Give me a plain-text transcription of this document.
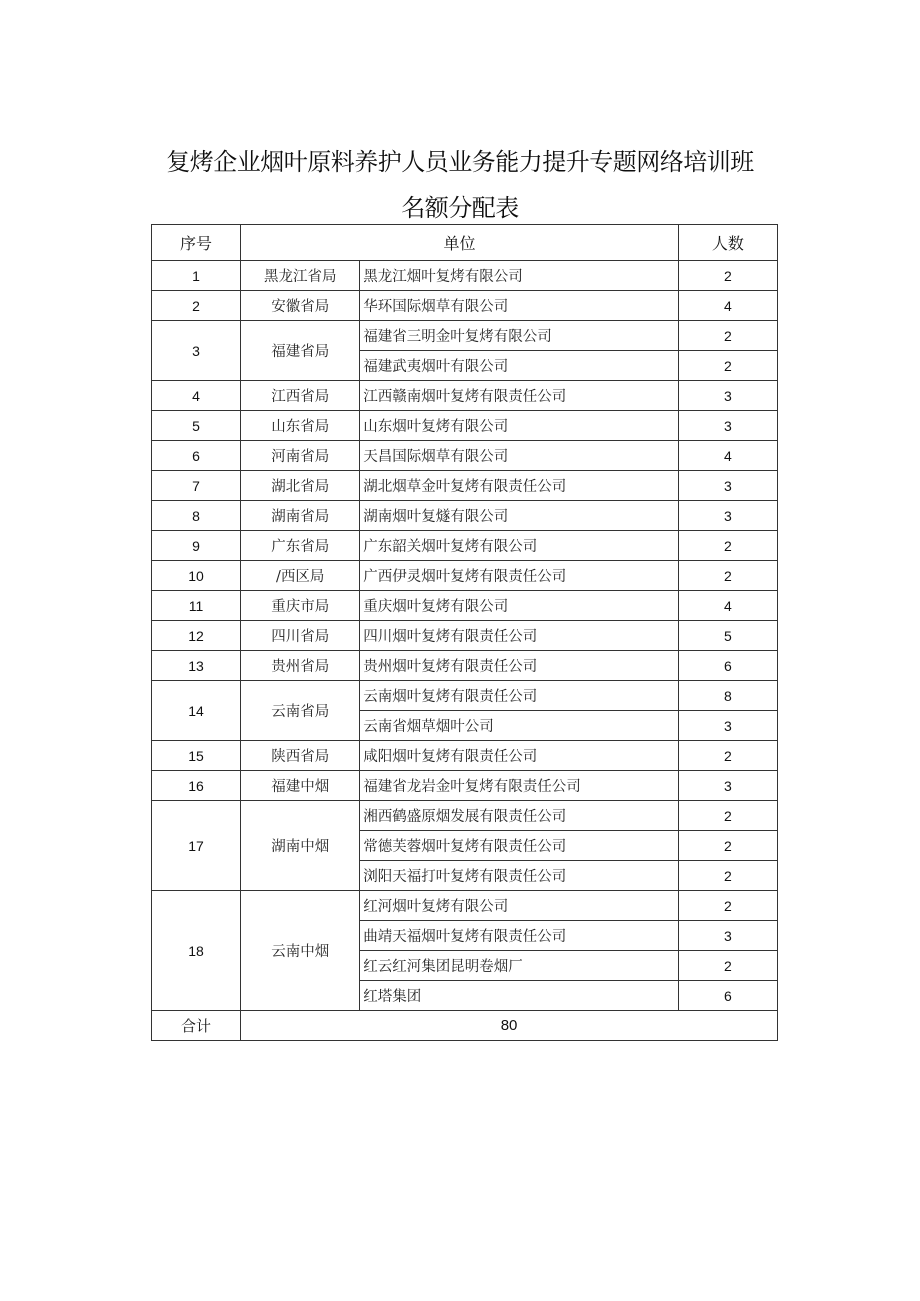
复烤企业烟叶原料养护人员业务能力提升专题网络培训班
名额分配表
序号	单位		人数
1	黑龙江省局	黑龙江烟叶复烤有限公司	2
2	安徽省局	华环国际烟草有限公司	4
3	福建省局	福建省三明金叶复烤有限公司	2
		福建武夷烟叶有限公司	2
4	江西省局	江西赣南烟叶复烤有限责任公司	3
5	山东省局	山东烟叶复烤有限公司	3
6	河南省局	天昌国际烟草有限公司	4
7	湖北省局	湖北烟草金叶复烤有限责任公司	3
8	湖南省局	湖南烟叶复燧有限公司	3
9	广东省局	广东韶关烟叶复烤有限公司	2
10	/西区局	广西伊灵烟叶复烤有限责任公司	2
11	重庆市局	重庆烟叶复烤有限公司	4
12	四川省局	四川烟叶复烤有限责任公司	5
13	贵州省局	贵州烟叶复烤有限责任公司	6
14	云南省局	云南烟叶复烤有限责任公司	8
		云南省烟草烟叶公司	3
15	陕西省局	咸阳烟叶复烤有限责任公司	2
16	福建中烟	福建省龙岩金叶复烤有限责任公司	3
17	湖南中烟	湘西鹤盛原烟发展有限责任公司	2
		常德芙蓉烟叶复烤有限责任公司	2
		浏阳天福打叶复烤有限责任公司	2
18	云南中烟	红河烟叶复烤有限公司	2
		曲靖天福烟叶复烤有限责任公司	3
		红云红河集团昆明卷烟厂	2
		红塔集团	6
合计	80		
